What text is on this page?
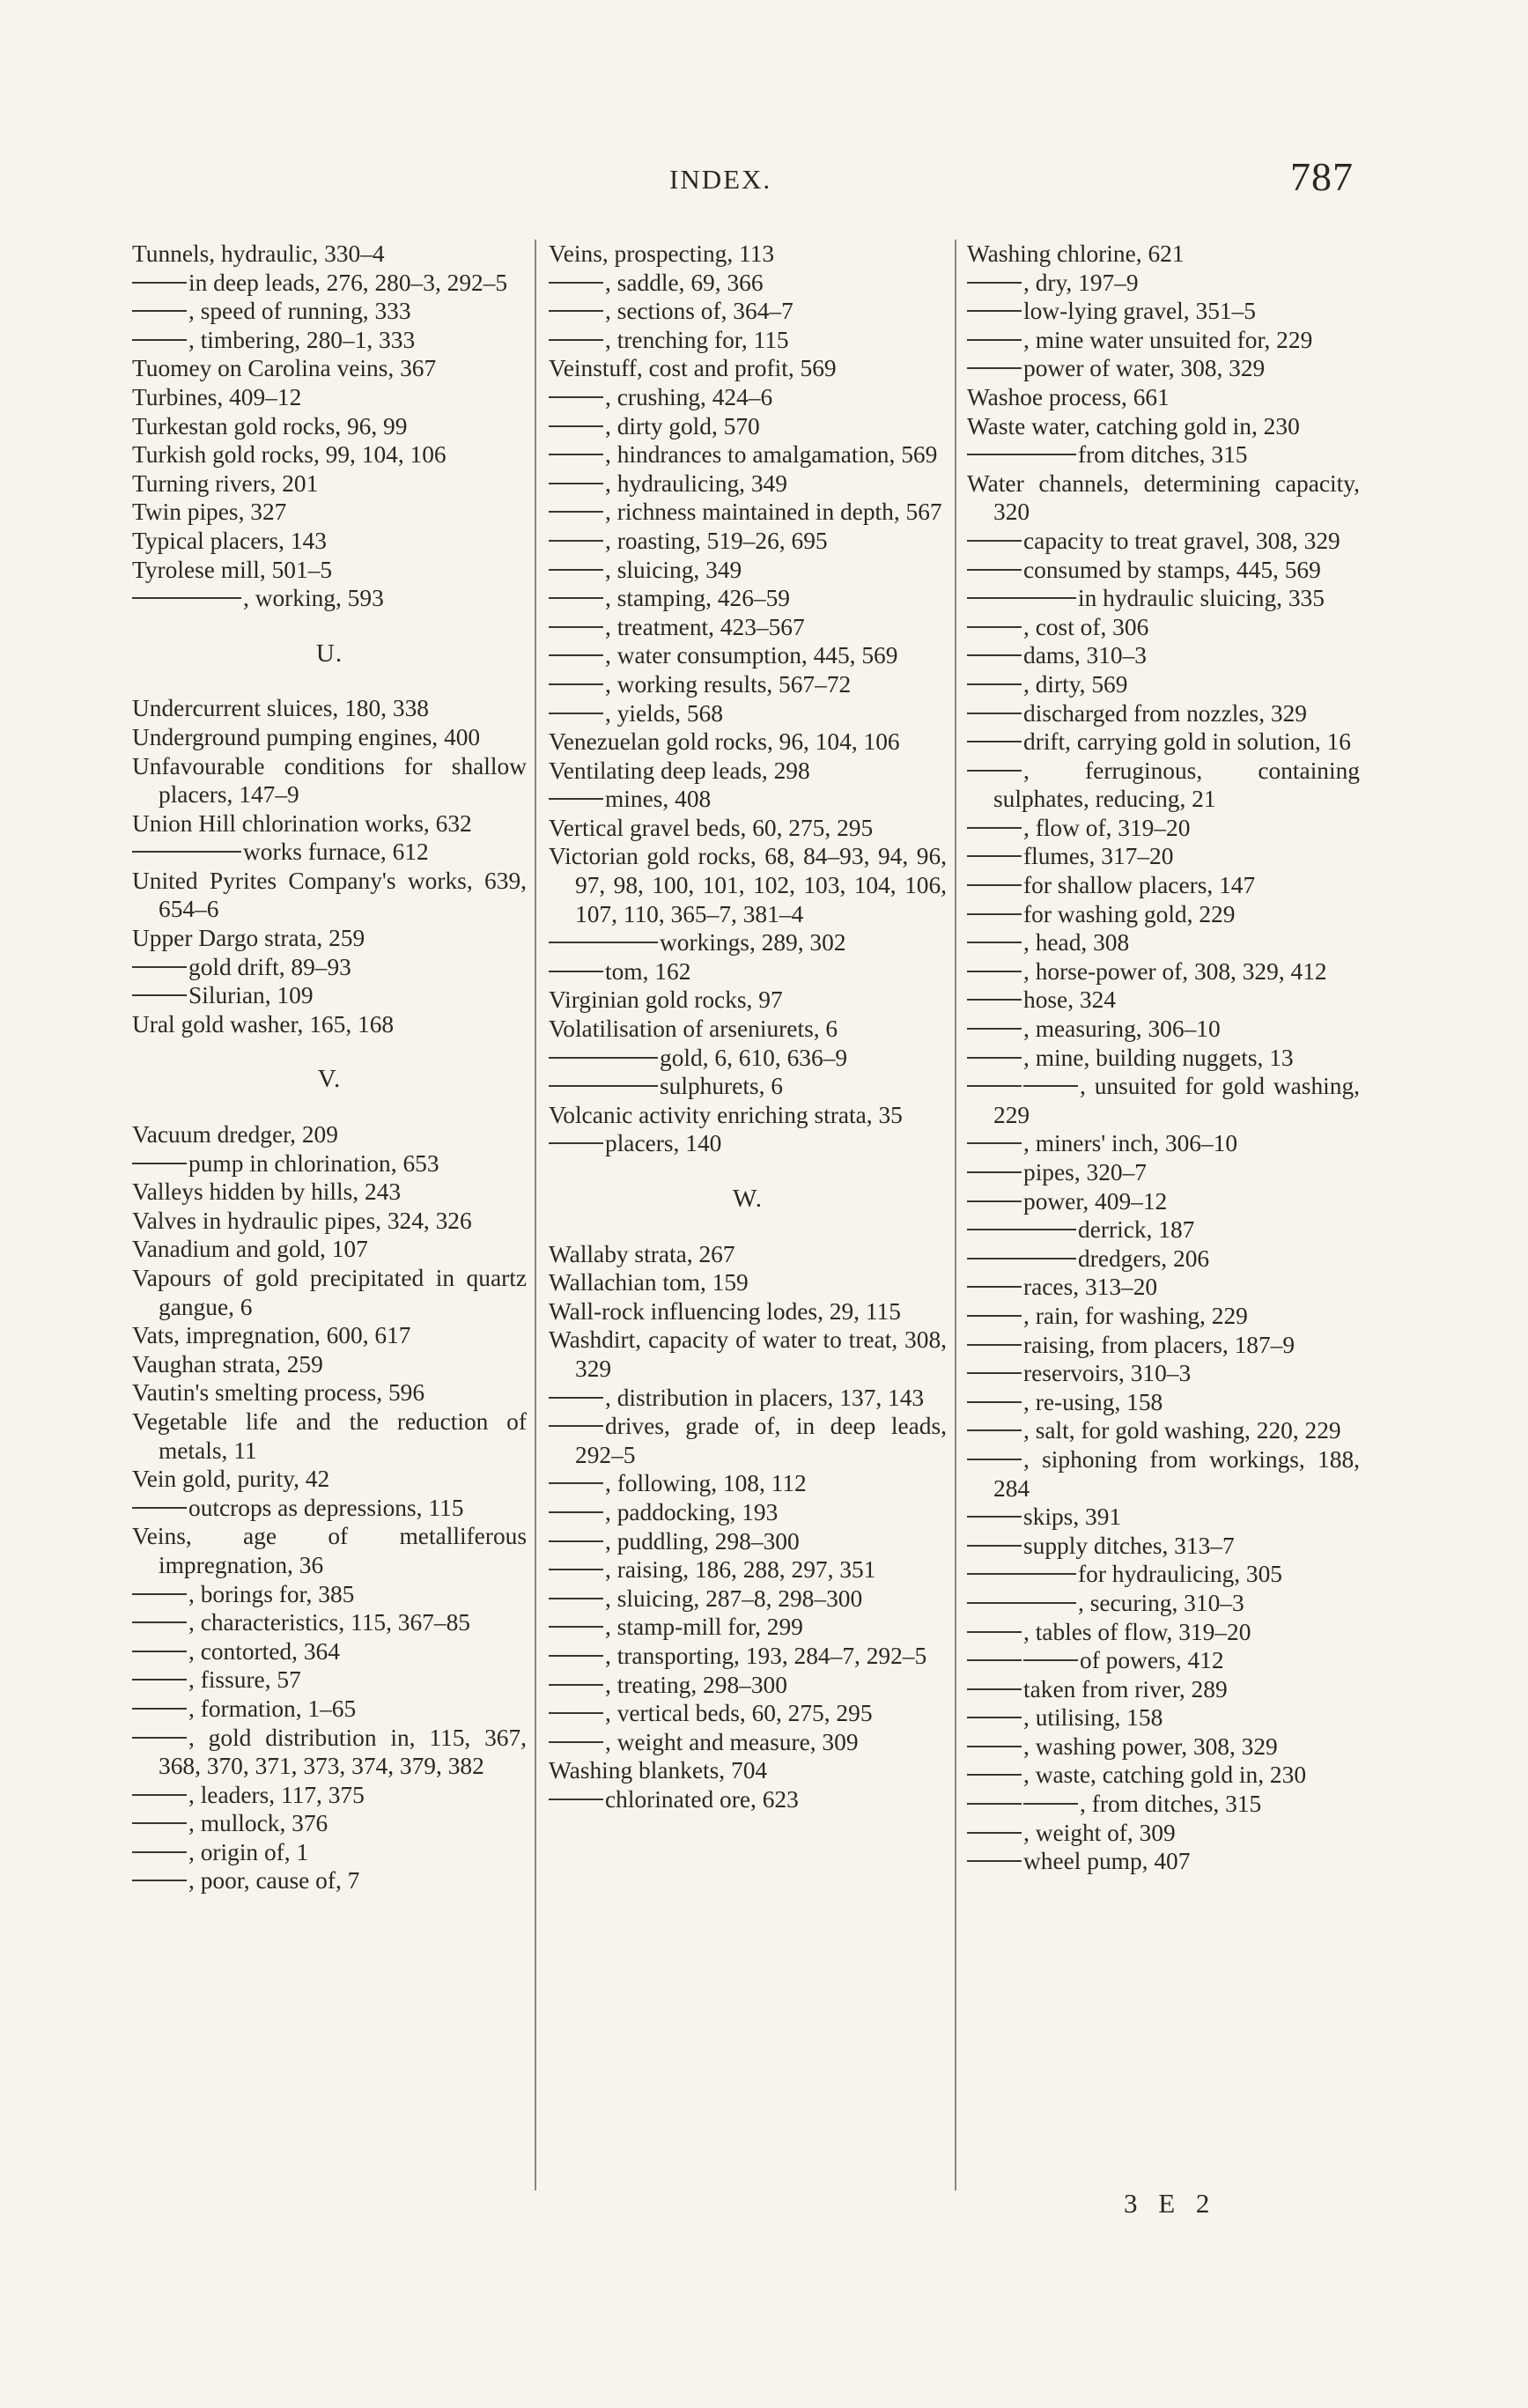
INDEX.	787
Tunnels, hydraulic, 330–4
in deep leads, 276, 280–3, 292–5
, speed of running, 333
, timbering, 280–1, 333
Tuomey on Carolina veins, 367
Turbines, 409–12
Turkestan gold rocks, 96, 99
Turkish gold rocks, 99, 104, 106
Turning rivers, 201
Twin pipes, 327
Typical placers, 143
Tyrolese mill, 501–5
, working, 593
U.
Undercurrent sluices, 180, 338
Underground pumping engines, 400
Unfavourable conditions for shallow placers, 147–9
Union Hill chlorination works, 632
works furnace, 612
United Pyrites Company's works, 639, 654–6
Upper Dargo strata, 259
gold drift, 89–93
Silurian, 109
Ural gold washer, 165, 168
V.
Vacuum dredger, 209
pump in chlorination, 653
Valleys hidden by hills, 243
Valves in hydraulic pipes, 324, 326
Vanadium and gold, 107
Vapours of gold precipitated in quartz gangue, 6
Vats, impregnation, 600, 617
Vaughan strata, 259
Vautin's smelting process, 596
Vegetable life and the reduction of metals, 11
Vein gold, purity, 42
outcrops as depressions, 115
Veins, age of metalliferous impregnation, 36
, borings for, 385
, characteristics, 115, 367–85
, contorted, 364
, fissure, 57
, formation, 1–65
, gold distribution in, 115, 367, 368, 370, 371, 373, 374, 379, 382
, leaders, 117, 375
, mullock, 376
, origin of, 1
, poor, cause of, 7
Veins, prospecting, 113
, saddle, 69, 366
, sections of, 364–7
, trenching for, 115
Veinstuff, cost and profit, 569
, crushing, 424–6
, dirty gold, 570
, hindrances to amalgamation, 569
, hydraulicing, 349
, richness maintained in depth, 567
, roasting, 519–26, 695
, sluicing, 349
, stamping, 426–59
, treatment, 423–567
, water consumption, 445, 569
, working results, 567–72
, yields, 568
Venezuelan gold rocks, 96, 104, 106
Ventilating deep leads, 298
mines, 408
Vertical gravel beds, 60, 275, 295
Victorian gold rocks, 68, 84–93, 94, 96, 97, 98, 100, 101, 102, 103, 104, 106, 107, 110, 365–7, 381–4
workings, 289, 302
tom, 162
Virginian gold rocks, 97
Volatilisation of arseniurets, 6
gold, 6, 610, 636–9
sulphurets, 6
Volcanic activity enriching strata, 35
placers, 140
W.
Wallaby strata, 267
Wallachian tom, 159
Wall-rock influencing lodes, 29, 115
Washdirt, capacity of water to treat, 308, 329
, distribution in placers, 137, 143
drives, grade of, in deep leads, 292–5
, following, 108, 112
, paddocking, 193
, puddling, 298–300
, raising, 186, 288, 297, 351
, sluicing, 287–8, 298–300
, stamp-mill for, 299
, transporting, 193, 284–7, 292–5
, treating, 298–300
, vertical beds, 60, 275, 295
, weight and measure, 309
Washing blankets, 704
chlorinated ore, 623
Washing chlorine, 621
, dry, 197–9
low-lying gravel, 351–5
, mine water unsuited for, 229
power of water, 308, 329
Washoe process, 661
Waste water, catching gold in, 230
from ditches, 315
Water channels, determining capacity, 320
capacity to treat gravel, 308, 329
consumed by stamps, 445, 569
in hydraulic sluicing, 335
, cost of, 306
dams, 310–3
, dirty, 569
discharged from nozzles, 329
drift, carrying gold in solution, 16
, ferruginous, containing sulphates, reducing, 21
, flow of, 319–20
flumes, 317–20
for shallow placers, 147
for washing gold, 229
, head, 308
, horse-power of, 308, 329, 412
hose, 324
, measuring, 306–10
, mine, building nuggets, 13
, unsuited for gold washing, 229
, miners' inch, 306–10
pipes, 320–7
power, 409–12
derrick, 187
dredgers, 206
races, 313–20
, rain, for washing, 229
raising, from placers, 187–9
reservoirs, 310–3
, re-using, 158
, salt, for gold washing, 220, 229
, siphoning from workings, 188, 284
skips, 391
supply ditches, 313–7
for hydraulicing, 305
, securing, 310–3
, tables of flow, 319–20
of powers, 412
taken from river, 289
, utilising, 158
, washing power, 308, 329
, waste, catching gold in, 230
, from ditches, 315
, weight of, 309
wheel pump, 407
3 E 2
